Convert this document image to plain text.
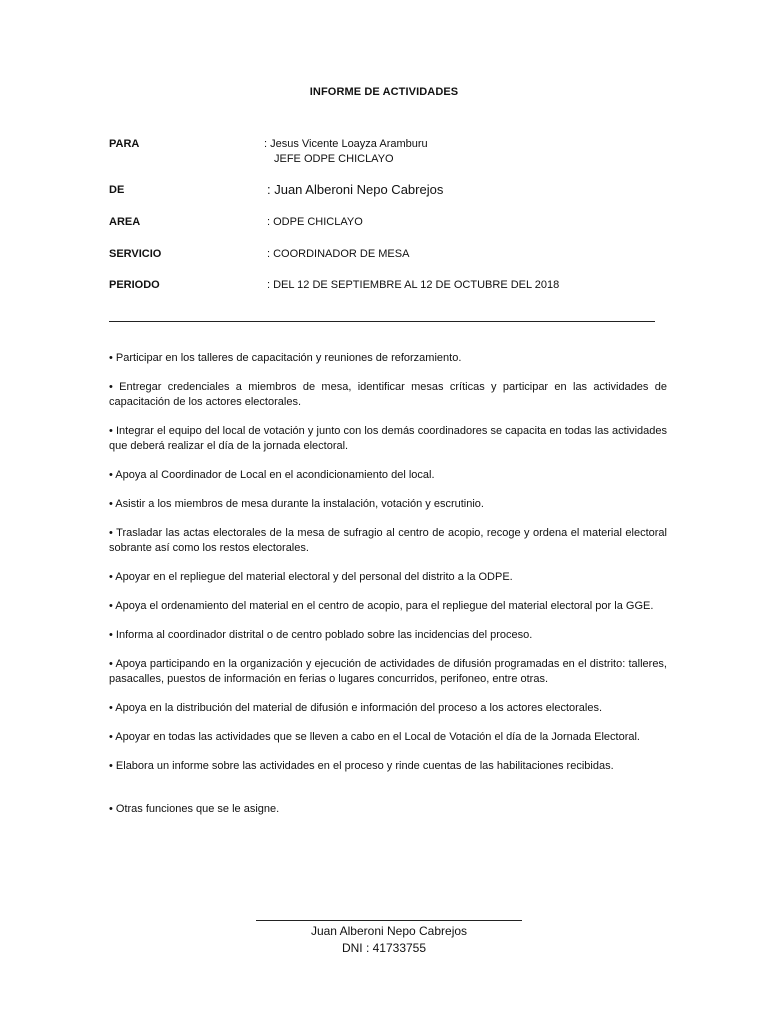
INFORME DE ACTIVIDADES
PARA	: Jesus Vicente Loayza Aramburu
JEFE ODPE CHICLAYO
DE	: Juan Alberoni Nepo Cabrejos
AREA	: ODPE CHICLAYO
SERVICIO	: COORDINADOR DE MESA
PERIODO	: DEL 12 DE SEPTIEMBRE AL 12 DE OCTUBRE DEL 2018

• Participar en los talleres de capacitación y reuniones de reforzamiento.

• Entregar credenciales a miembros de mesa, identificar mesas críticas y participar en las actividades de capacitación de los actores electorales.

• Integrar el equipo del local de votación y junto con los demás coordinadores se capacita en todas las actividades que deberá realizar el día de la jornada electoral.

• Apoya al Coordinador de Local en el acondicionamiento del local.

• Asistir a los miembros de mesa durante la instalación, votación y escrutinio.

• Trasladar las actas electorales de la mesa de sufragio al centro de acopio, recoge y ordena el material electoral sobrante así como los restos electorales.

• Apoyar en el repliegue del material electoral y del personal del distrito a la ODPE.

• Apoya el ordenamiento del material en el centro de acopio, para el repliegue del material electoral por la GGE.

• Informa al coordinador distrital o de centro poblado sobre las incidencias del proceso.

• Apoya participando en la organización y ejecución de actividades de difusión programadas en el distrito: talleres, pasacalles, puestos de información en ferias o lugares concurridos, perifoneo, entre otras.

• Apoya en la distribución del material de difusión e información del proceso a los actores electorales.

• Apoyar en todas las actividades que se lleven a cabo en el Local de Votación el día de la Jornada Electoral.

• Elabora un informe sobre las actividades en el proceso y rinde cuentas de las habilitaciones recibidas.

• Otras funciones que se le asigne.

Juan Alberoni Nepo Cabrejos
DNI : 41733755
